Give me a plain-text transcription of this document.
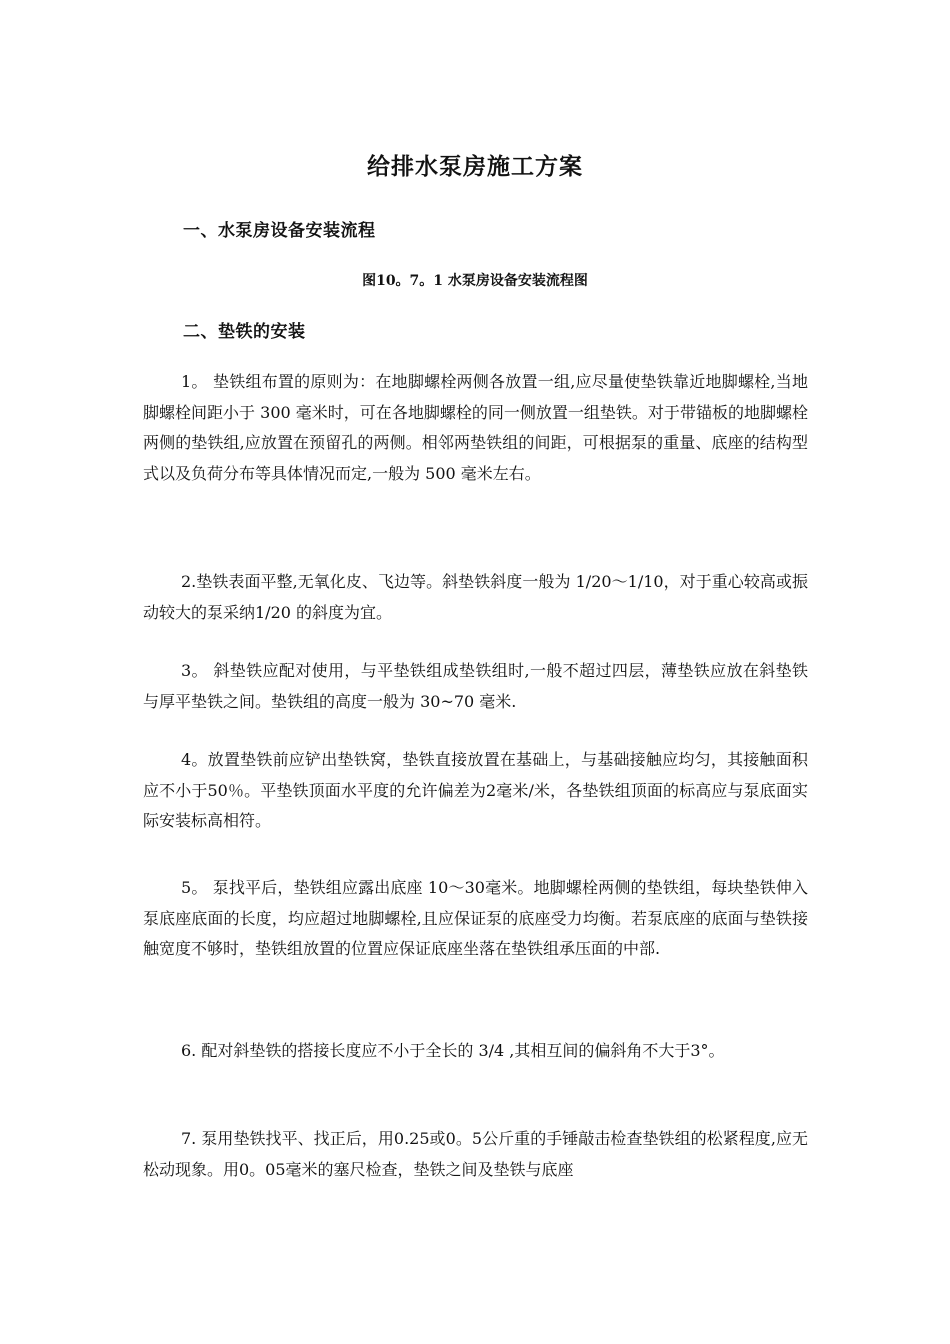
给排水泵房施工方案
一、水泵房设备安装流程
图10。7。1 水泵房设备安装流程图
二、垫铁的安装

1。 垫铁组布置的原则为：在地脚螺栓两侧各放置一组,应尽量使垫铁靠近地脚螺栓,当地脚螺栓间距小于 300 毫米时，可在各地脚螺栓的同一侧放置一组垫铁。对于带锚板的地脚螺栓两侧的垫铁组,应放置在预留孔的两侧。相邻两垫铁组的间距，可根据泵的重量、底座的结构型式以及负荷分布等具体情况而定,一般为 500 毫米左右。

2.垫铁表面平整,无氧化皮、飞边等。斜垫铁斜度一般为 1/20～1/10，对于重心较高或振动较大的泵采纳1/20 的斜度为宜。

3。 斜垫铁应配对使用，与平垫铁组成垫铁组时,一般不超过四层，薄垫铁应放在斜垫铁与厚平垫铁之间。垫铁组的高度一般为 30~70 毫米.

4。放置垫铁前应铲出垫铁窝，垫铁直接放置在基础上，与基础接触应均匀，其接触面积应不小于50％。平垫铁顶面水平度的允许偏差为2毫米/米，各垫铁组顶面的标高应与泵底面实际安装标高相符。

5。 泵找平后，垫铁组应露出底座 10～30毫米。地脚螺栓两侧的垫铁组，每块垫铁伸入泵底座底面的长度，均应超过地脚螺栓,且应保证泵的底座受力均衡。若泵底座的底面与垫铁接触宽度不够时，垫铁组放置的位置应保证底座坐落在垫铁组承压面的中部.

6. 配对斜垫铁的搭接长度应不小于全长的 3/4 ,其相互间的偏斜角不大于3°。

7. 泵用垫铁找平、找正后，用0.25或0。5公斤重的手锤敲击检查垫铁组的松紧程度,应无松动现象。用0。05毫米的塞尺检查，垫铁之间及垫铁与底座
